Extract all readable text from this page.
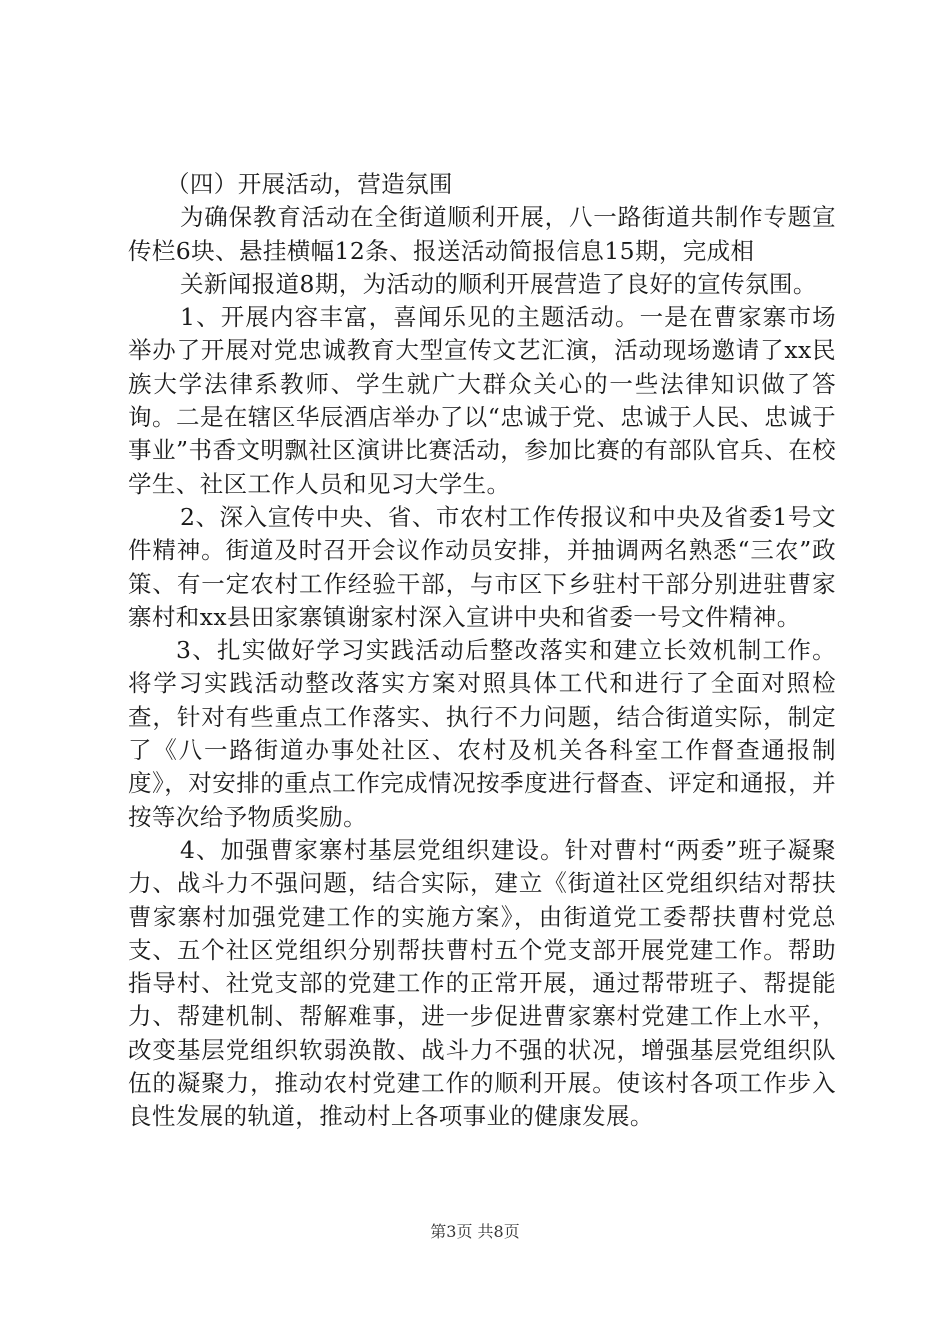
（四）开展活动，营造氛围

为确保教育活动在全街道顺利开展，八一路街道共制作专题宣传栏6块、悬挂横幅12条、报送活动简报信息15期，完成相

关新闻报道8期，为活动的顺利开展营造了良好的宣传氛围。

1、开展内容丰富，喜闻乐见的主题活动。一是在曹家寨市场举办了开展对党忠诚教育大型宣传文艺汇演，活动现场邀请了xx民族大学法律系教师、学生就广大群众关心的一些法律知识做了答询。二是在辖区华辰酒店举办了以“忠诚于党、忠诚于人民、忠诚于事业”书香文明飘社区演讲比赛活动，参加比赛的有部队官兵、在校学生、社区工作人员和见习大学生。

2、深入宣传中央、省、市农村工作传报议和中央及省委1号文件精神。街道及时召开会议作动员安排，并抽调两名熟悉“三农”政策、有一定农村工作经验干部，与市区下乡驻村干部分别进驻曹家寨村和xx县田家寨镇谢家村深入宣讲中央和省委一号文件精神。

3、扎实做好学习实践活动后整改落实和建立长效机制工作。将学习实践活动整改落实方案对照具体工代和进行了全面对照检查，针对有些重点工作落实、执行不力问题，结合街道实际，制定了《八一路街道办事处社区、农村及机关各科室工作督查通报制度》，对安排的重点工作完成情况按季度进行督查、评定和通报，并按等次给予物质奖励。

4、加强曹家寨村基层党组织建设。针对曹村“两委”班子凝聚力、战斗力不强问题，结合实际，建立《街道社区党组织结对帮扶曹家寨村加强党建工作的实施方案》，由街道党工委帮扶曹村党总支、五个社区党组织分别帮扶曹村五个党支部开展党建工作。帮助指导村、社党支部的党建工作的正常开展，通过帮带班子、帮提能力、帮建机制、帮解难事，进一步促进曹家寨村党建工作上水平，改变基层党组织软弱涣散、战斗力不强的状况，增强基层党组织队伍的凝聚力，推动农村党建工作的顺利开展。使该村各项工作步入良性发展的轨道，推动村上各项事业的健康发展。

第3页 共8页
